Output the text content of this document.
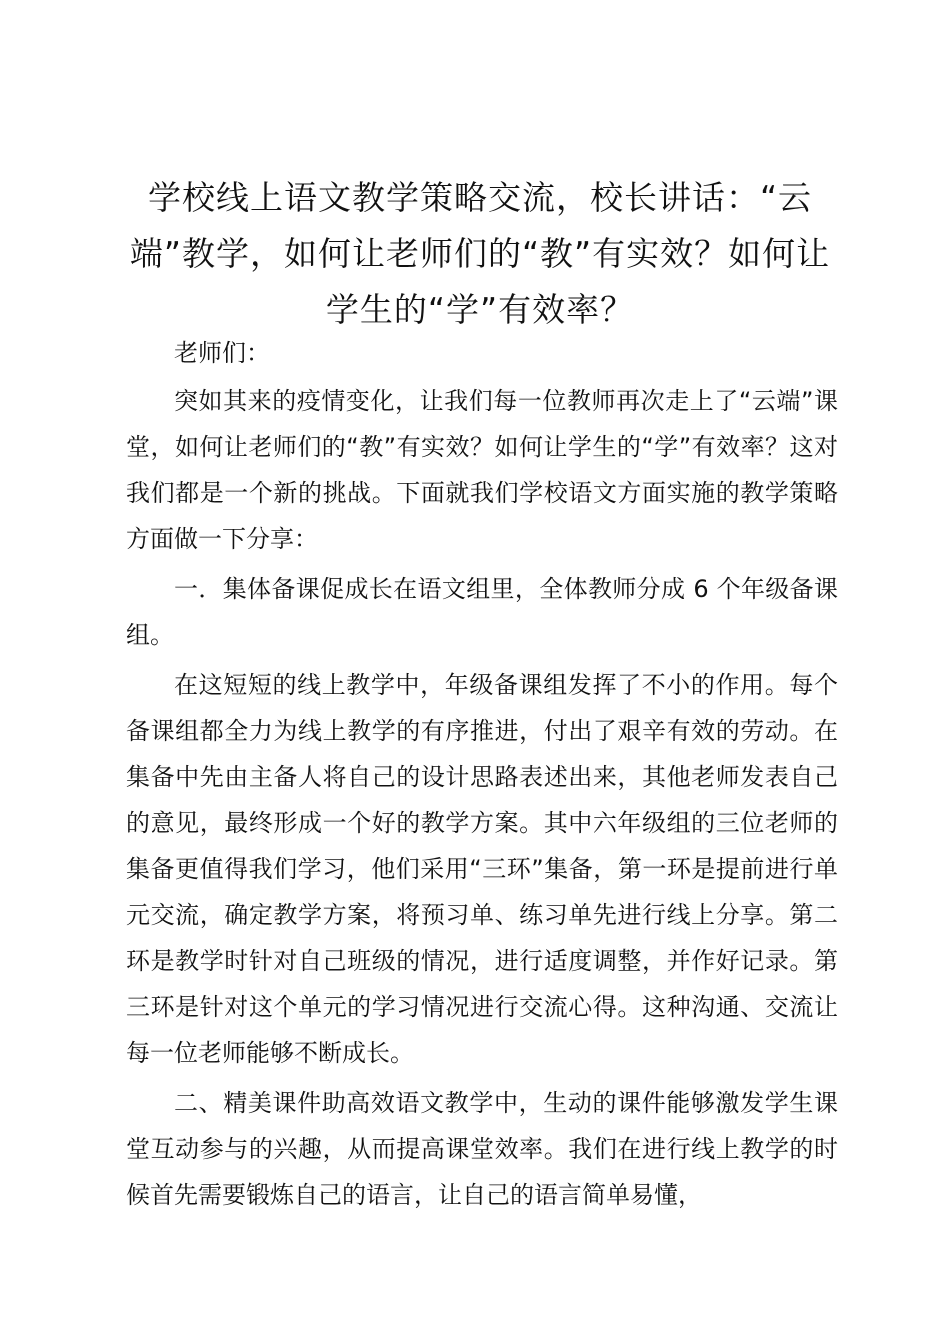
学校线上语文教学策略交流，校长讲话：“云端”教学，如何让老师们的“教”有实效？如何让学生的“学”有效率？

老师们：

突如其来的疫情变化，让我们每一位教师再次走上了“云端”课堂，如何让老师们的“教”有实效？如何让学生的“学”有效率？这对我们都是一个新的挑战。下面就我们学校语文方面实施的教学策略方面做一下分享：

一．集体备课促成长在语文组里，全体教师分成 6 个年级备课组。

在这短短的线上教学中，年级备课组发挥了不小的作用。每个备课组都全力为线上教学的有序推进，付出了艰辛有效的劳动。在集备中先由主备人将自己的设计思路表述出来，其他老师发表自己的意见，最终形成一个好的教学方案。其中六年级组的三位老师的集备更值得我们学习，他们采用“三环”集备，第一环是提前进行单元交流，确定教学方案，将预习单、练习单先进行线上分享。第二环是教学时针对自己班级的情况，进行适度调整，并作好记录。第三环是针对这个单元的学习情况进行交流心得。这种沟通、交流让每一位老师能够不断成长。

二、精美课件助高效语文教学中，生动的课件能够激发学生课堂互动参与的兴趣，从而提高课堂效率。我们在进行线上教学的时候首先需要锻炼自己的语言，让自己的语言简单易懂，
